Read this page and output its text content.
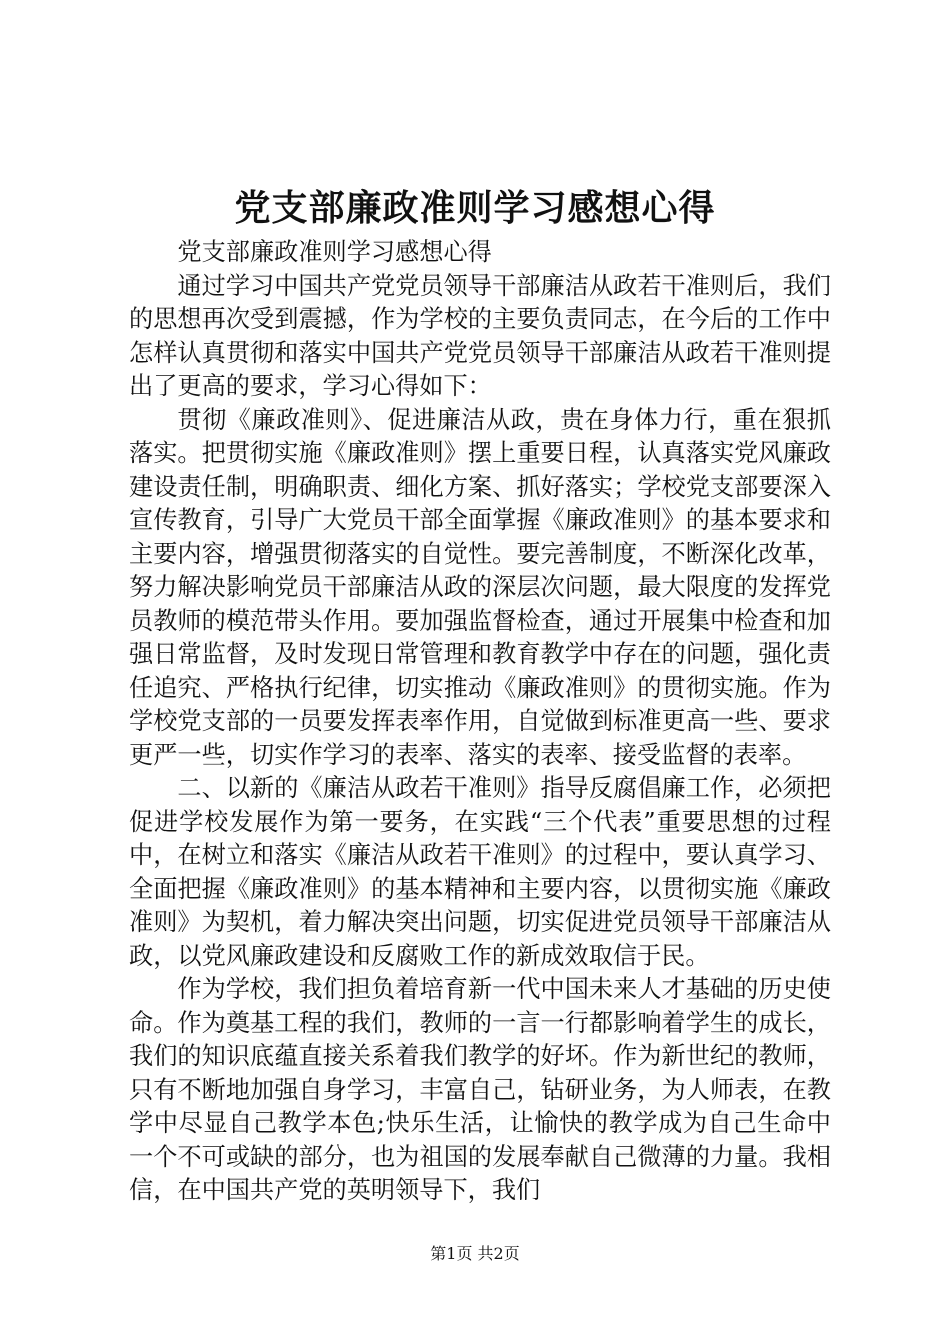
党支部廉政准则学习感想心得

党支部廉政准则学习感想心得

通过学习中国共产党党员领导干部廉洁从政若干准则后，我们的思想再次受到震撼，作为学校的主要负责同志，在今后的工作中怎样认真贯彻和落实中国共产党党员领导干部廉洁从政若干准则提出了更高的要求，学习心得如下：

贯彻《廉政准则》、促进廉洁从政，贵在身体力行，重在狠抓落实。把贯彻实施《廉政准则》摆上重要日程，认真落实党风廉政建设责任制，明确职责、细化方案、抓好落实；学校党支部要深入宣传教育，引导广大党员干部全面掌握《廉政准则》的基本要求和主要内容，增强贯彻落实的自觉性。要完善制度，不断深化改革，努力解决影响党员干部廉洁从政的深层次问题，最大限度的发挥党员教师的模范带头作用。要加强监督检查，通过开展集中检查和加强日常监督，及时发现日常管理和教育教学中存在的问题，强化责任追究、严格执行纪律，切实推动《廉政准则》的贯彻实施。作为学校党支部的一员要发挥表率作用，自觉做到标准更高一些、要求更严一些，切实作学习的表率、落实的表率、接受监督的表率。

二、以新的《廉洁从政若干准则》指导反腐倡廉工作，必须把促进学校发展作为第一要务，在实践“三个代表”重要思想的过程中，在树立和落实《廉洁从政若干准则》的过程中，要认真学习、全面把握《廉政准则》的基本精神和主要内容，以贯彻实施《廉政准则》为契机，着力解决突出问题，切实促进党员领导干部廉洁从政，以党风廉政建设和反腐败工作的新成效取信于民。

作为学校，我们担负着培育新一代中国未来人才基础的历史使命。作为奠基工程的我们，教师的一言一行都影响着学生的成长，我们的知识底蕴直接关系着我们教学的好坏。作为新世纪的教师，只有不断地加强自身学习，丰富自己，钻研业务，为人师表，在教学中尽显自己教学本色;快乐生活，让愉快的教学成为自己生命中一个不可或缺的部分，也为祖国的发展奉献自己微薄的力量。我相信，在中国共产党的英明领导下，我们

第1页 共2页
